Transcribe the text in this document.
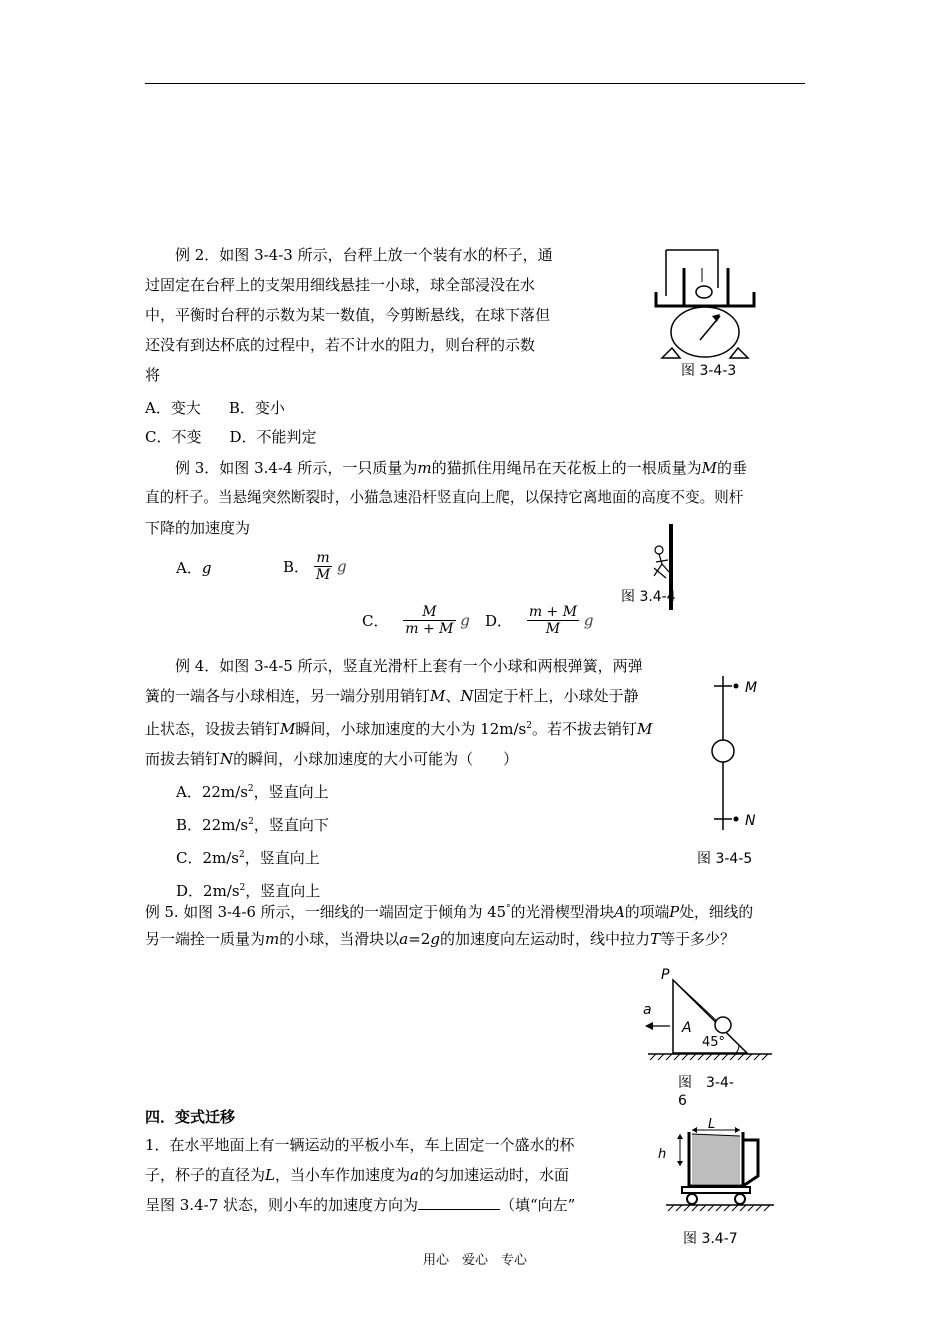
例 2．如图 3-4-3 所示，台秤上放一个装有水的杯子，通
过固定在台秤上的支架用细线悬挂一小球，球全部浸没在水
中，平衡时台秤的示数为某一数值，今剪断悬线，在球下落但
还没有到达杯底的过程中，若不计水的阻力，则台秤的示数
将
A．变大 B．变小
C．不变 D．不能判定
图 3-4-3
例 3．如图 3.4-4 所示，一只质量为m的猫抓住用绳吊在天花板上的一根质量为M的垂
直的杆子。当悬绳突然断裂时，小猫急速沿杆竖直向上爬，以保持它离地面的高度不变。则杆
下降的加速度为
A．g	B． $\frac{m}{M}$ g
C． $\frac{M}{m + M}$ g D． $\frac{m + M}{M}$ g
图 3.4-4
例 4．如图 3-4-5 所示，竖直光滑杆上套有一个小球和两根弹簧，两弹
簧的一端各与小球相连，另一端分别用销钉M、N固定于杆上，小球处于静
止状态，设拔去销钉M瞬间，小球加速度的大小为 $12m/s^2$。若不拔去销钉M
而拔去销钉N的瞬间，小球加速度的大小可能为（　　）
A．$22m/s^2$，竖直向上
B．$22m/s^2$，竖直向下
C．$2m/s^2$，竖直向上
D．$2m/s^2$，竖直向上
M
N
图 3-4-5
例 5. 如图 3-4-6 所示，一细线的一端固定于倾角为 45°的光滑楔型滑块A的项端P处，细线的
另一端拴一质量为m的小球，当滑块以a=2g的加速度向左运动时，线中拉力T等于多少？
P
a
A
45°
图　3-4-
6
四．变式迁移
1．在水平地面上有一辆运动的平板小车，车上固定一个盛水的杯
子，杯子的直径为L，当小车作加速度为a的匀加速运动时，水面
呈图 3.4-7 状态，则小车的加速度方向为	（填“向左”
L
h
图 3.4-7
用心　爱心　专心
